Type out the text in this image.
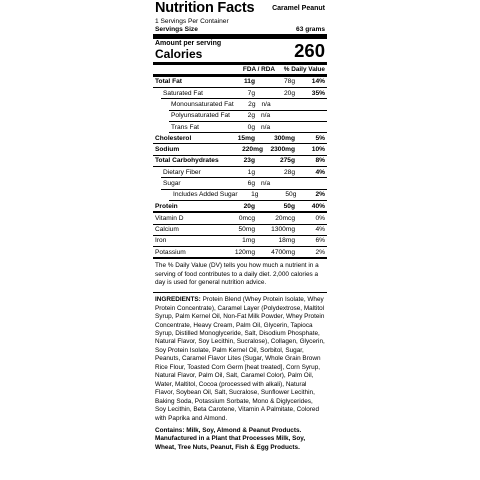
Nutrition Facts	Caramel Peanut
1 Servings Per Container
Servings Size	63 grams
Amount per serving
Calories	260
FDA / RDA	% Daily Value
Total Fat	11g	78g	14%
Saturated Fat	7g	20g	35%
Monounsaturated Fat	2g n/a
Polyunsaturated Fat	2g n/a
Trans Fat	0g n/a
Cholesterol	15mg	300mg	5%
Sodium	220mg	2300mg	10%
Total Carbohydrates	23g	275g	8%
Dietary Fiber	1g	28g	4%
Sugar	6g n/a
Includes Added Sugar	1g	50g	2%
Protein	20g	50g	40%
Vitamin D	0mcg	20mcg	0%
Calcium	50mg	1300mg	4%
Iron	1mg	18mg	6%
Potassium	120mg	4700mg	2%
The % Daily Value (DV) tells you how much a nutrient in a serving of food contributes to a daily diet. 2,000 calories a day is used for general nutrition advice.
INGREDIENTS: Protein Blend (Whey Protein Isolate, Whey Protein Concentrate), Caramel Layer (Polydextrose, Maltitol Syrup, Palm Kernel Oil, Non-Fat Milk Powder, Whey Protein Concentrate, Heavy Cream, Palm Oil, Glycerin, Tapioca Syrup, Distilled Monoglyceride, Salt, Disodium Phosphate, Natural Flavor, Soy Lecithin, Sucralose), Collagen, Glycerin, Soy Protein Isolate, Palm Kernel Oil, Sorbitol, Sugar, Peanuts, Caramel Flavor Lites (Sugar, Whole Grain Brown Rice Flour, Toasted Corn Germ [heat treated], Corn Syrup, Natural Flavor, Palm Oil, Salt, Caramel Color), Palm Oil, Water, Maltitol, Cocoa (processed with alkali), Natural Flavor, Soybean Oil, Salt, Sucralose, Sunflower Lecithin, Baking Soda, Potassium Sorbate, Mono & Diglycerides, Soy Lecithin, Beta Carotene, Vitamin A Palmitate, Colored with Paprika and Almond.
Contains: Milk, Soy, Almond & Peanut Products. Manufactured in a Plant that Processes Milk, Soy, Wheat, Tree Nuts, Peanut, Fish & Egg Products.
